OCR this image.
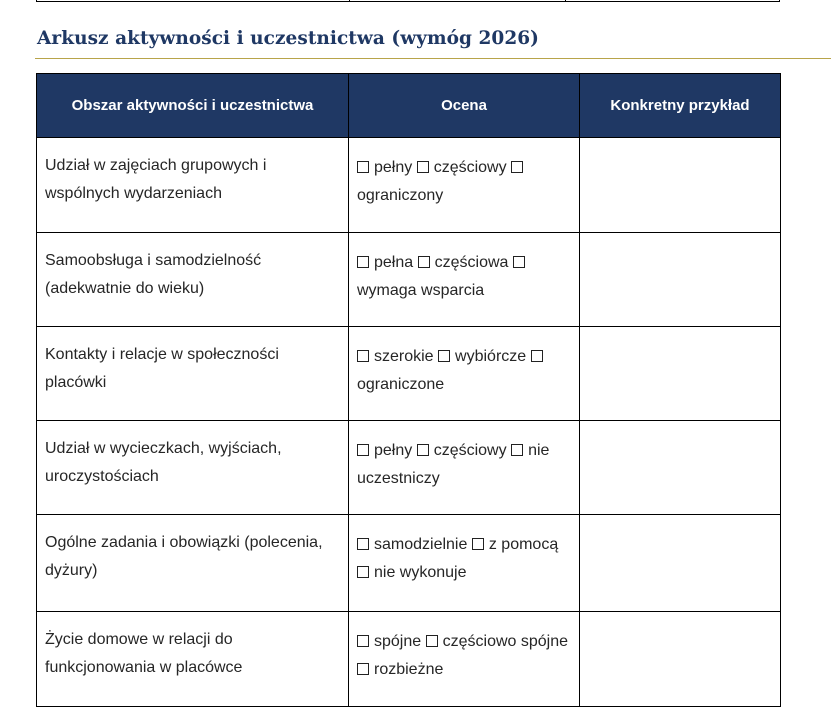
Arkusz aktywności i uczestnictwa (wymóg 2026)
Obszar aktywności i uczestnictwa	Ocena	Konkretny przykład
Udział w zajęciach grupowych i wspólnych wydarzeniach	pełny częściowy ograniczony	
Samoobsługa i samodzielność (adekwatnie do wieku)	pełna częściowa wymaga wsparcia	
Kontakty i relacje w społeczności placówki	szerokie wybiórcze ograniczone	
Udział w wycieczkach, wyjściach, uroczystościach	pełny częściowy nie uczestniczy	
Ogólne zadania i obowiązki (polecenia, dyżury)	samodzielnie z pomocą nie wykonuje	
Życie domowe w relacji do funkcjonowania w placówce	spójne częściowo spójne rozbieżne	
